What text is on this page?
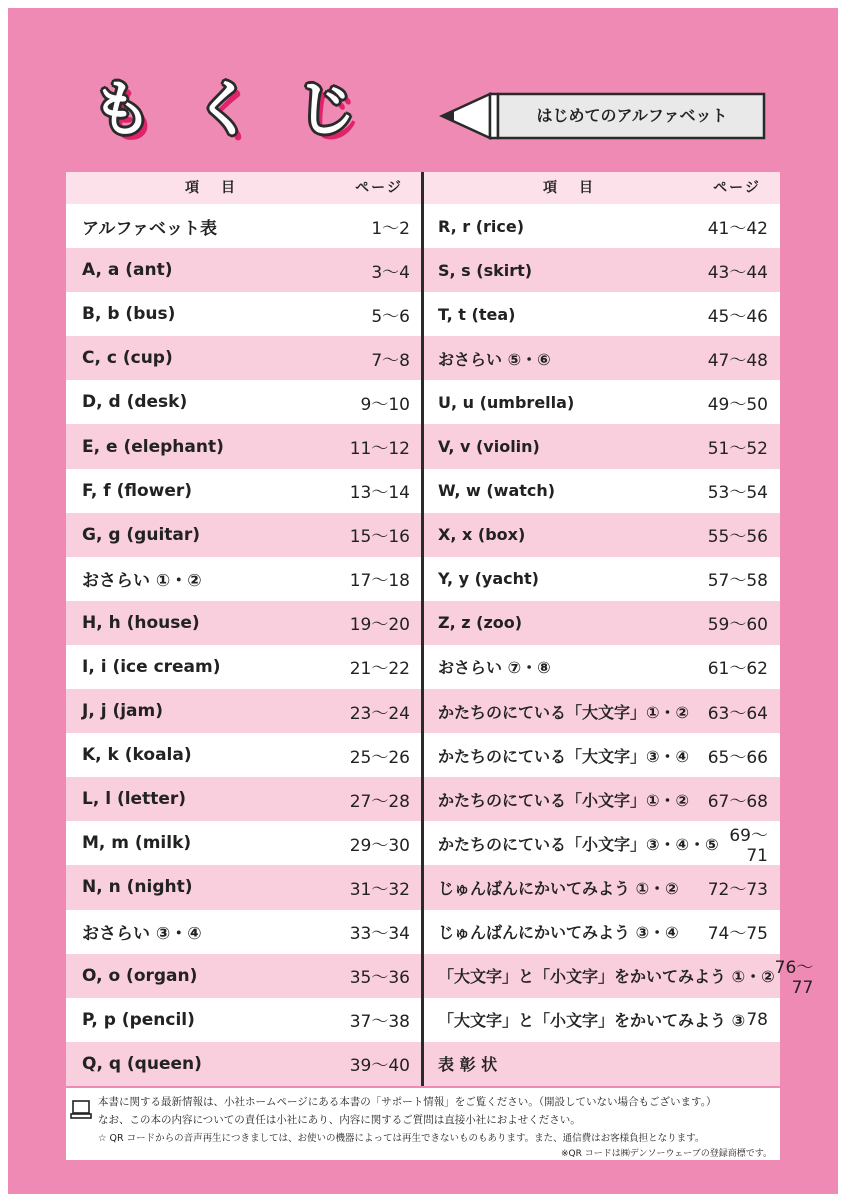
も く じ	はじめてのアルファベット
項目	ページ
アルファベット表	1〜2
A, a (ant)	3〜4
B, b (bus)	5〜6
C, c (cup)	7〜8
D, d (desk)	9〜10
E, e (elephant)	11〜12
F, f (flower)	13〜14
G, g (guitar)	15〜16
おさらい ①・②	17〜18
H, h (house)	19〜20
I, i (ice cream)	21〜22
J, j (jam)	23〜24
K, k (koala)	25〜26
L, l (letter)	27〜28
M, m (milk)	29〜30
N, n (night)	31〜32
おさらい ③・④	33〜34
O, o (organ)	35〜36
P, p (pencil)	37〜38
Q, q (queen)	39〜40
項目	ページ
R, r (rice)	41〜42
S, s (skirt)	43〜44
T, t (tea)	45〜46
おさらい ⑤・⑥	47〜48
U, u (umbrella)	49〜50
V, v (violin)	51〜52
W, w (watch)	53〜54
X, x (box)	55〜56
Y, y (yacht)	57〜58
Z, z (zoo)	59〜60
おさらい ⑦・⑧	61〜62
かたちのにている「大文字」①・②	63〜64
かたちのにている「大文字」③・④	65〜66
かたちのにている「小文字」①・②	67〜68
かたちのにている「小文字」③・④・⑤ 69〜71
じゅんばんにかいてみよう ①・②	72〜73
じゅんばんにかいてみよう ③・④	74〜75
「大文字」と「小文字」をかいてみよう ①・② 76〜77
「大文字」と「小文字」をかいてみよう ③ 78
表 彰 状
本書に関する最新情報は、小社ホームページにある本書の「サポート情報」をご覧ください。（開設していない場合もございます。）
なお、この本の内容についての責任は小社にあり、内容に関するご質問は直接小社におよせください。
☆ QR コードからの音声再生につきましては、お使いの機器によっては再生できないものもあります。また、通信費はお客様負担となります。
※QR コードは㈱デンソーウェーブの登録商標です。
